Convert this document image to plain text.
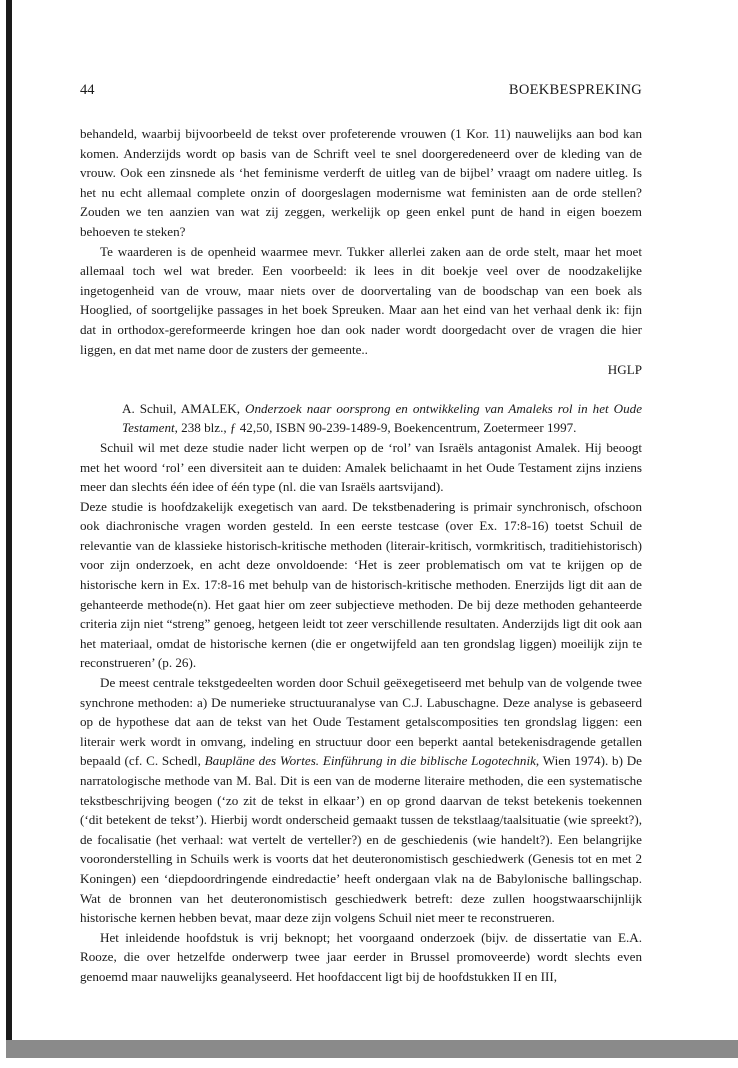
44	BOEKBESPREKING

behandeld, waarbij bijvoorbeeld de tekst over profeterende vrouwen (1 Kor. 11) nauwelijks aan bod kan komen. Anderzijds wordt op basis van de Schrift veel te snel doorgeredeneerd over de kleding van de vrouw. Ook een zinsnede als ‘het feminisme verderft de uitleg van de bijbel’ vraagt om nadere uitleg. Is het nu echt allemaal complete onzin of doorgeslagen modernisme wat feministen aan de orde stellen? Zouden we ten aanzien van wat zij zeggen, werkelijk op geen enkel punt de hand in eigen boezem behoeven te steken?

Te waarderen is de openheid waarmee mevr. Tukker allerlei zaken aan de orde stelt, maar het moet allemaal toch wel wat breder. Een voorbeeld: ik lees in dit boekje veel over de noodzakelijke ingetogenheid van de vrouw, maar niets over de doorvertaling van de boodschap van een boek als Hooglied, of soortgelijke passages in het boek Spreuken. Maar aan het eind van het verhaal denk ik: fijn dat in orthodox-gereformeerde kringen hoe dan ook nader wordt doorgedacht over de vragen die hier liggen, en dat met name door de zusters der gemeente..

HGLP

A. Schuil, AMALEK, Onderzoek naar oorsprong en ontwikkeling van Amaleks rol in het Oude Testament, 238 blz., ƒ 42,50, ISBN 90-239-1489-9, Boekencentrum, Zoetermeer 1997.

Schuil wil met deze studie nader licht werpen op de ‘rol’ van Israëls antagonist Amalek. Hij beoogt met het woord ‘rol’ een diversiteit aan te duiden: Amalek belichaamt in het Oude Testament zijns inziens meer dan slechts één idee of één type (nl. die van Israëls aartsvijand).

Deze studie is hoofdzakelijk exegetisch van aard. De tekstbenadering is primair synchronisch, ofschoon ook diachronische vragen worden gesteld. In een eerste testcase (over Ex. 17:8-16) toetst Schuil de relevantie van de klassieke historisch-kritische methoden (literair-kritisch, vormkritisch, traditiehistorisch) voor zijn onderzoek, en acht deze onvoldoende: ‘Het is zeer problematisch om vat te krijgen op de historische kern in Ex. 17:8-16 met behulp van de historisch-kritische methoden. Enerzijds ligt dit aan de gehanteerde methode(n). Het gaat hier om zeer subjectieve methoden. De bij deze methoden gehanteerde criteria zijn niet “streng” genoeg, hetgeen leidt tot zeer verschillende resultaten. Anderzijds ligt dit ook aan het materiaal, omdat de historische kernen (die er ongetwijfeld aan ten grondslag liggen) moeilijk zijn te reconstrueren’ (p. 26).

De meest centrale tekstgedeelten worden door Schuil geëxegetiseerd met behulp van de volgende twee synchrone methoden: a) De numerieke structuuranalyse van C.J. Labuschagne. Deze analyse is gebaseerd op de hypothese dat aan de tekst van het Oude Testament getalscomposities ten grondslag liggen: een literair werk wordt in omvang, indeling en structuur door een beperkt aantal betekenisdragende getallen bepaald (cf. C. Schedl, Baupläne des Wortes. Einführung in die biblische Logotechnik, Wien 1974). b) De narratologische methode van M. Bal. Dit is een van de moderne literaire methoden, die een systematische tekstbeschrijving beogen (‘zo zit de tekst in elkaar’) en op grond daarvan de tekst betekenis toekennen (‘dit betekent de tekst’). Hierbij wordt onderscheid gemaakt tussen de tekstlaag/taalsituatie (wie spreekt?), de focalisatie (het verhaal: wat vertelt de verteller?) en de geschiedenis (wie handelt?). Een belangrijke vooronderstelling in Schuils werk is voorts dat het deuteronomistisch geschiedwerk (Genesis tot en met 2 Koningen) een ‘diepdoordringende eindredactie’ heeft ondergaan vlak na de Babylonische ballingschap. Wat de bronnen van het deuteronomistisch geschiedwerk betreft: deze zullen hoogstwaarschijnlijk historische kernen hebben bevat, maar deze zijn volgens Schuil niet meer te reconstrueren.

Het inleidende hoofdstuk is vrij beknopt; het voorgaand onderzoek (bijv. de dissertatie van E.A. Rooze, die over hetzelfde onderwerp twee jaar eerder in Brussel promoveerde) wordt slechts even genoemd maar nauwelijks geanalyseerd. Het hoofdaccent ligt bij de hoofdstukken II en III,
